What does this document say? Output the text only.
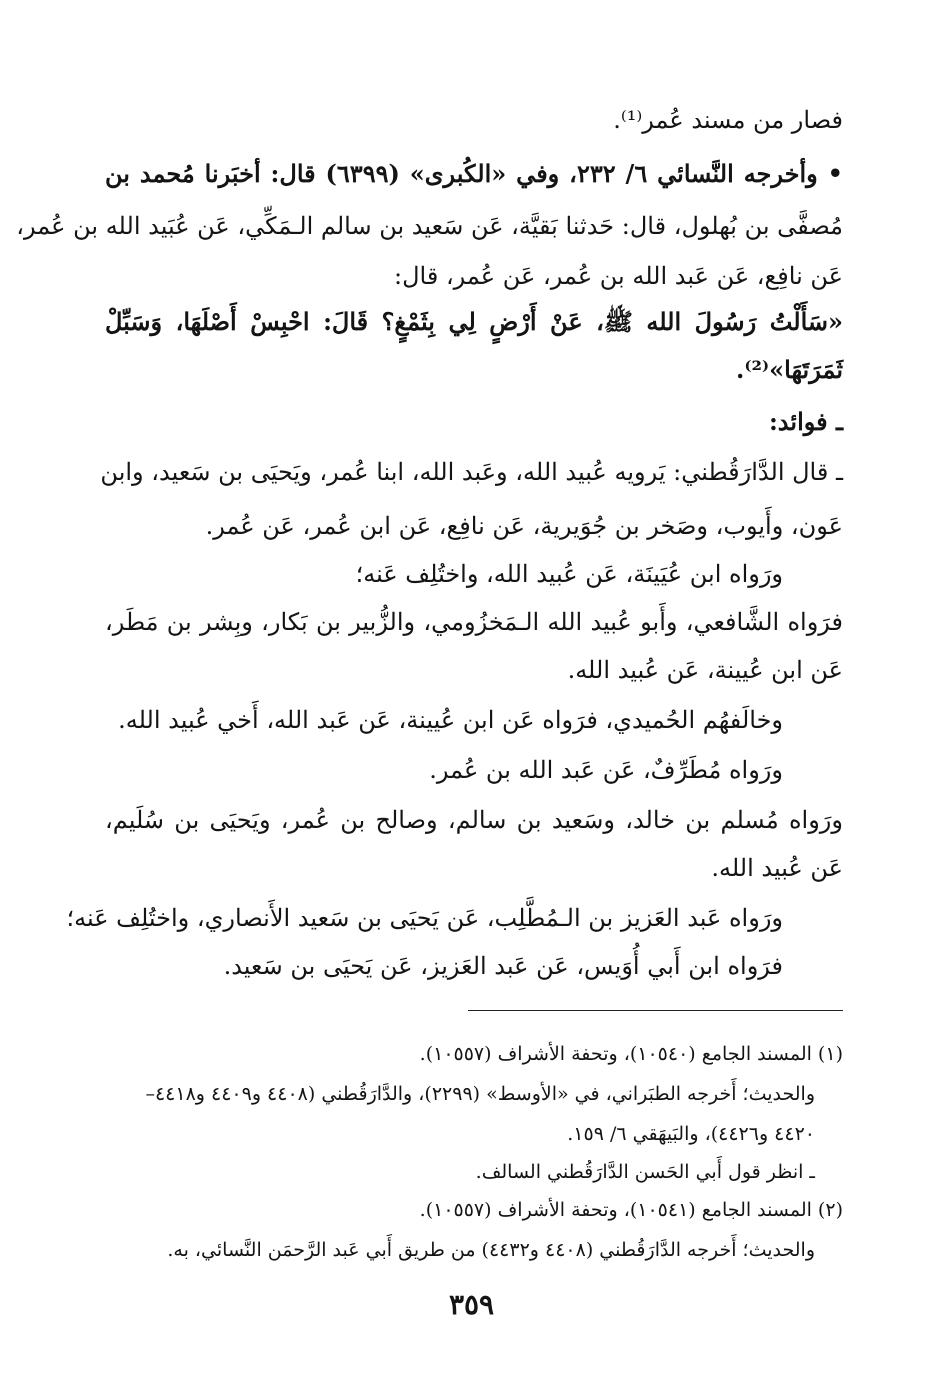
فصار من مسند عُمر⁽¹⁾.
• وأخرجه النَّسائي ٦/ ٢٣٢، وفي «الكُبرى» (٦٣٩٩) قال: أخبَرنا مُحمد بن
مُصفَّى بن بُهلول، قال: حَدثنا بَقيَّة، عَن سَعيد بن سالم الـمَكِّي، عَن عُبَيد الله بن عُمر،
عَن نافِع، عَن عَبد الله بن عُمر، عَن عُمر، قال:
«سَأَلْتُ رَسُولَ الله ﷺ، عَنْ أَرْضٍ لِي بِثَمْغٍ؟ قَالَ: احْبِسْ أَصْلَهَا، وَسَبِّلْ
ثَمَرَتَهَا»⁽²⁾.
ـ فوائد:
ـ قال الدَّارَقُطني: يَرويه عُبيد الله، وعَبد الله، ابنا عُمر، ويَحيَى بن سَعيد، وابن
عَون، وأَيوب، وصَخر بن جُوَيرية، عَن نافِع، عَن ابن عُمر، عَن عُمر.
ورَواه ابن عُيَينَة، عَن عُبيد الله، واختُلِف عَنه؛
فرَواه الشَّافعي، وأَبو عُبيد الله الـمَخزُومي، والزُّبير بن بَكار، وبِشر بن مَطَر،
عَن ابن عُيينة، عَن عُبيد الله.
وخالَفهُم الحُميدي، فرَواه عَن ابن عُيينة، عَن عَبد الله، أَخي عُبيد الله.
ورَواه مُطَرِّفٌ، عَن عَبد الله بن عُمر.
ورَواه مُسلم بن خالد، وسَعيد بن سالم، وصالح بن عُمر، ويَحيَى بن سُلَيم،
عَن عُبيد الله.
ورَواه عَبد العَزيز بن الـمُطَّلِب، عَن يَحيَى بن سَعيد الأَنصاري، واختُلِف عَنه؛
فرَواه ابن أَبي أُوَيس، عَن عَبد العَزيز، عَن يَحيَى بن سَعيد.
(١) المسند الجامع (١٠٥٤٠)، وتحفة الأشراف (١٠٥٥٧).
والحديث؛ أَخرجه الطبَراني، في «الأوسط» (٢٢٩٩)، والدَّارَقُطني (٤٤٠٨ و٤٤٠٩ و٤٤١٨–
٤٤٢٠ و٤٤٢٦)، والبَيهَقي ٦/ ١٥٩.
ـ انظر قول أَبي الحَسن الدَّارَقُطني السالف.
(٢) المسند الجامع (١٠٥٤١)، وتحفة الأشراف (١٠٥٥٧).
والحديث؛ أَخرجه الدَّارَقُطني (٤٤٠٨ و٤٤٣٢) من طريق أَبي عَبد الرَّحمَن النَّسائي، به.
٣٥٩
